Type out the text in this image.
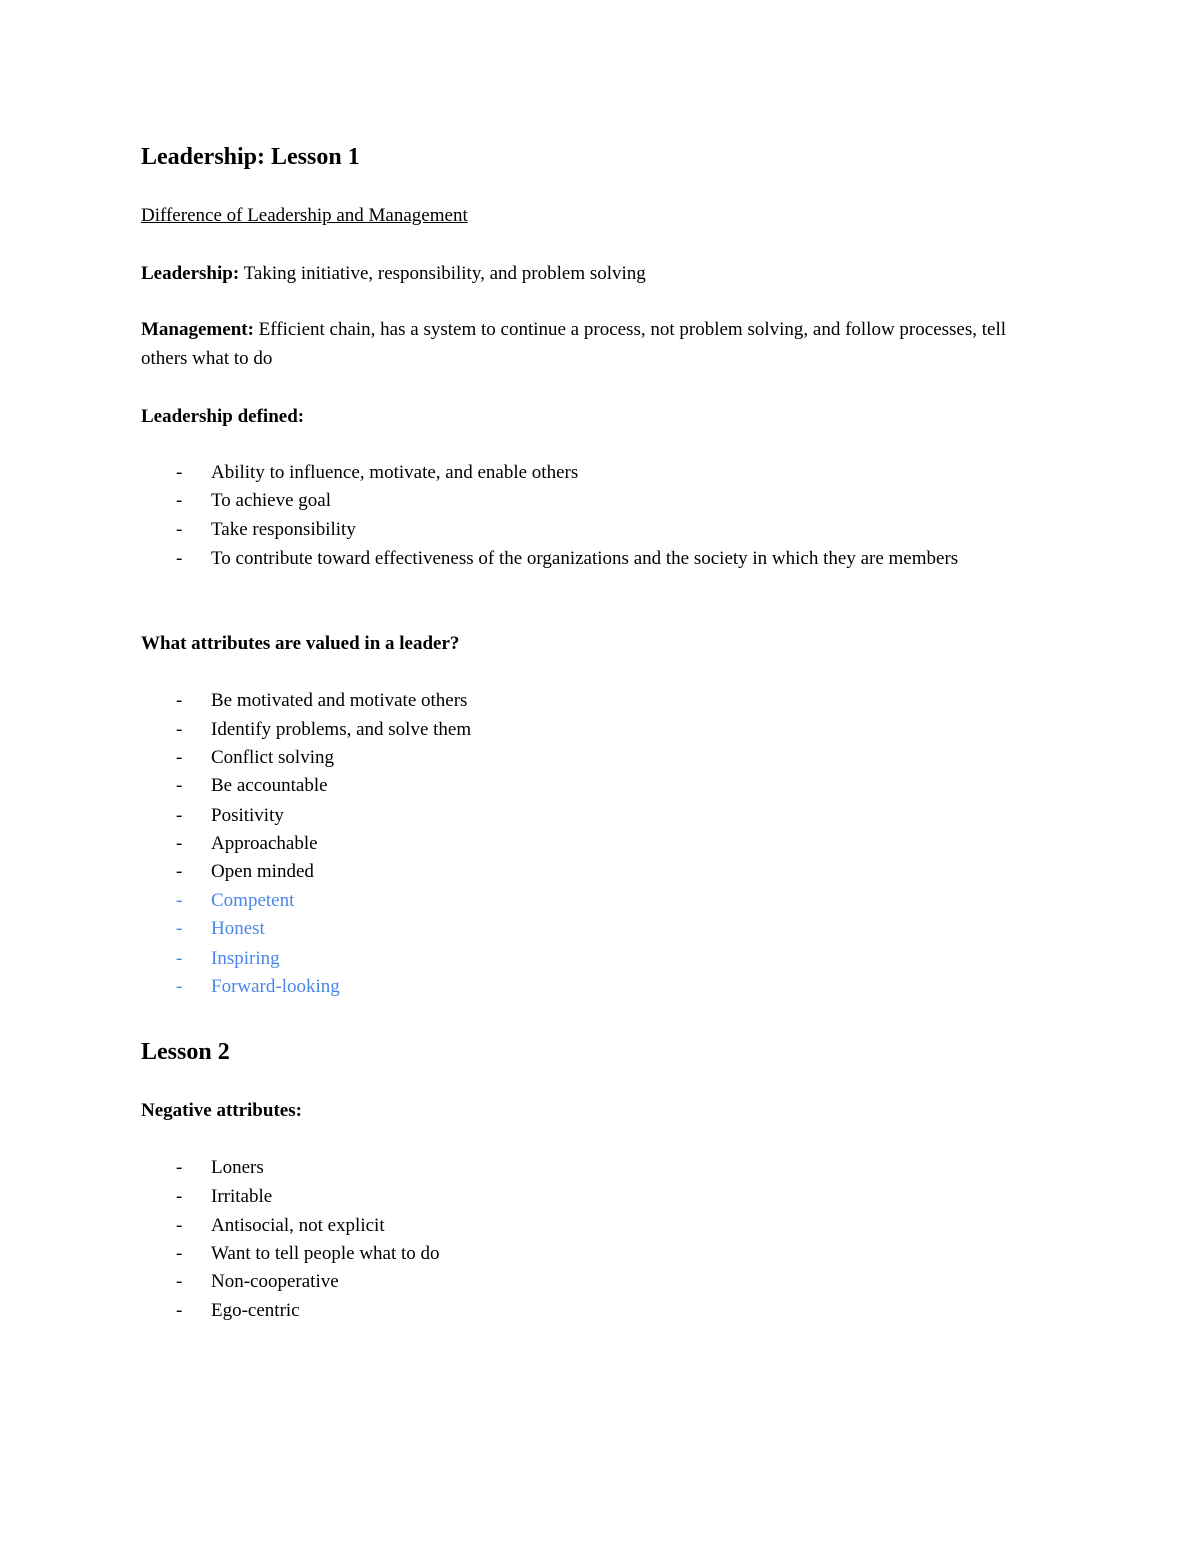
Leadership: Lesson 1
Difference of Leadership and Management
Leadership: Taking initiative, responsibility, and problem solving
Management: Efficient chain, has a system to continue a process, not problem solving, and follow processes, tell others what to do
Leadership defined:
- Ability to influence, motivate, and enable others
- To achieve goal
- Take responsibility
- To contribute toward effectiveness of the organizations and the society in which they are members
What attributes are valued in a leader?
- Be motivated and motivate others
- Identify problems, and solve them
- Conflict solving
- Be accountable
- Positivity
- Approachable
- Open minded
- Competent
- Honest
- Inspiring
- Forward-looking
Lesson 2
Negative attributes:
- Loners
- Irritable
- Antisocial, not explicit
- Want to tell people what to do
- Non-cooperative
- Ego-centric
